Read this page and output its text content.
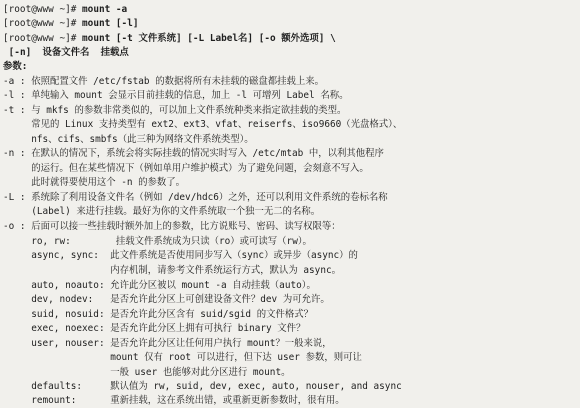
[root@www ~]# mount -a
[root@www ~]# mount [-l]
[root@www ~]# mount [-t 文件系统] [-L Label名] [-o 额外选项] \
[-n]  设备文件名  挂载点
参数:
-a : 依照配置文件 /etc/fstab 的数据将所有未挂载的磁盘都挂载上来。
-l : 单纯输入 mount 会显示目前挂载的信息，加上 -l 可增列 Label 名称。
-t : 与 mkfs 的参数非常类似的，可以加上文件系统种类来指定欲挂载的类型。
常见的 Linux 支持类型有 ext2、ext3、vfat、reiserfs、iso9660（光盘格式）、
nfs、cifs、smbfs（此三种为网络文件系统类型）。
-n : 在默认的情况下，系统会将实际挂载的情况实时写入 /etc/mtab 中，以利其他程序
的运行。但在某些情况下（例如单用户维护模式）为了避免问题，会刻意不写入。
此时就得要使用这个 -n 的参数了。
-L : 系统除了利用设备文件名（例如 /dev/hdc6）之外，还可以利用文件系统的卷标名称
(Label) 来进行挂载。最好为你的文件系统取一个独一无二的名称。
-o : 后面可以接一些挂载时额外加上的参数，比方说账号、密码、读写权限等：
ro, rw:        挂载文件系统成为只读（ro）或可读写（rw）。
async, sync:  此文件系统是否使用同步写入（sync）或异步（async）的
内存机制，请参考文件系统运行方式，默认为 async。
auto, noauto: 允许此分区被以 mount -a 自动挂载（auto）。
dev, nodev:   是否允许此分区上可创建设备文件？dev 为可允许。
suid, nosuid: 是否允许此分区含有 suid/sgid 的文件格式？
exec, noexec: 是否允许此分区上拥有可执行 binary 文件？
user, nouser: 是否允许此分区让任何用户执行 mount？一般来说，
mount 仅有 root 可以进行，但下达 user 参数，则可让
一般 user 也能够对此分区进行 mount。
defaults:     默认值为 rw, suid, dev, exec, auto, nouser, and async
remount:      重新挂载，这在系统出错，或重新更新参数时，很有用。
